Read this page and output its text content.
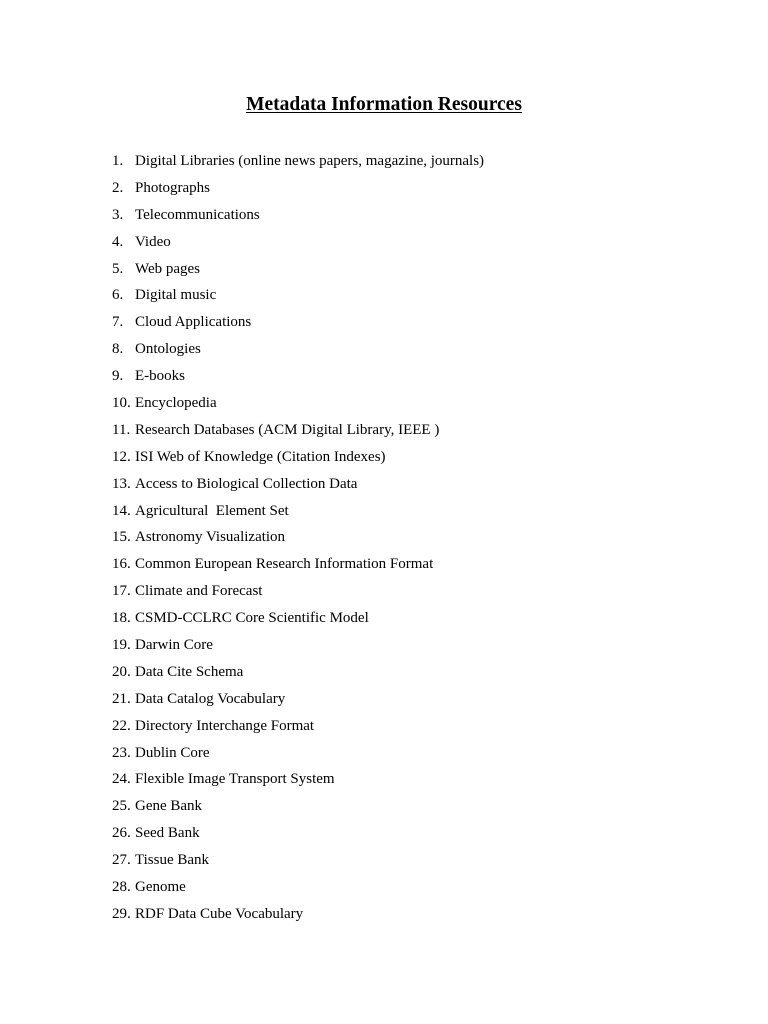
Metadata Information Resources
1. Digital Libraries (online news papers, magazine, journals)
2. Photographs
3. Telecommunications
4. Video
5. Web pages
6. Digital music
7. Cloud Applications
8. Ontologies
9. E-books
10. Encyclopedia
11. Research Databases (ACM Digital Library, IEEE )
12. ISI Web of Knowledge (Citation Indexes)
13. Access to Biological Collection Data
14. Agricultural  Element Set
15. Astronomy Visualization
16. Common European Research Information Format
17. Climate and Forecast
18. CSMD-CCLRC Core Scientific Model
19. Darwin Core
20. Data Cite Schema
21. Data Catalog Vocabulary
22. Directory Interchange Format
23. Dublin Core
24. Flexible Image Transport System
25. Gene Bank
26. Seed Bank
27. Tissue Bank
28. Genome
29. RDF Data Cube Vocabulary
